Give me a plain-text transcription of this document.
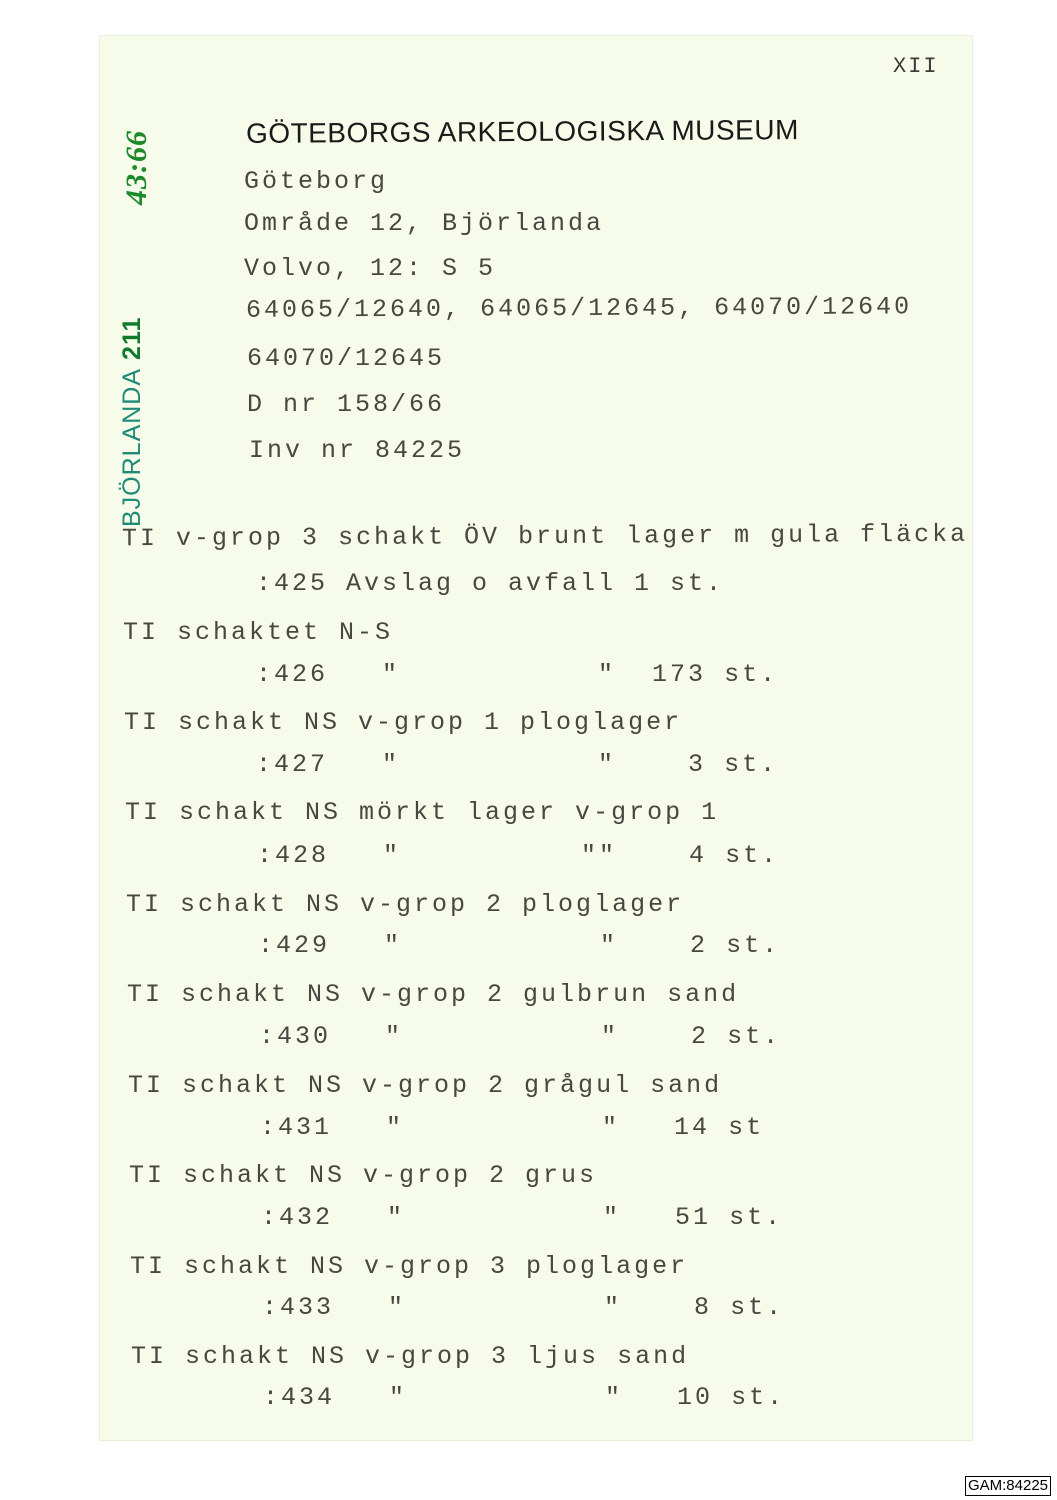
XII
GÖTEBORGS ARKEOLOGISKA MUSEUM
43:66
BJÖRLANDA211
Göteborg
Område 12, Björlanda
Volvo, 12: S 5
64065/12640, 64065/12645, 64070/12640
64070/12645
D nr 158/66
Inv nr 84225
TI v-grop 3 schakt ÖV brunt lager m gula fläcka
:425 Avslag o avfall 1 st.
TI schaktet N-S
:426   "           "  173 st.
TI schakt NS v-grop 1 ploglager
:427   "           "    3 st.
TI schakt NS mörkt lager v-grop 1
:428   "          ""    4 st.
TI schakt NS v-grop 2 ploglager
:429   "           "    2 st.
TI schakt NS v-grop 2 gulbrun sand
:430   "           "    2 st.
TI schakt NS v-grop 2 grågul sand
:431   "           "   14 st
TI schakt NS v-grop 2 grus
:432   "           "   51 st.
TI schakt NS v-grop 3 ploglager
:433   "           "    8 st.
TI schakt NS v-grop 3 ljus sand
:434   "           "   10 st.
GAM:84225
